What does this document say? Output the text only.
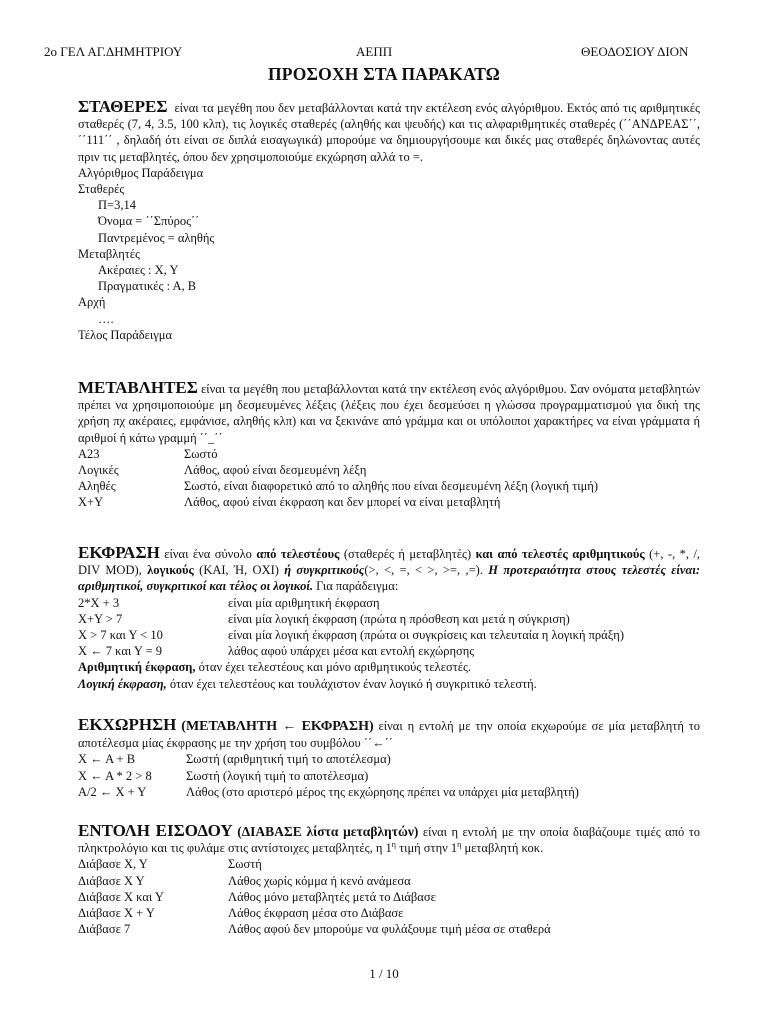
2ο ΓΕΛ ΑΓ.ΔΗΜΗΤΡΙΟΥ	ΑΕΠΠ	ΘΕΟΔΟΣΙΟΥ ΔΙΟΝ
ΠΡΟΣΟΧΗ ΣΤΑ ΠΑΡΑΚΑΤΩ

ΣΤΑΘΕΡΕΣ είναι τα μεγέθη που δεν μεταβάλλονται κατά την εκτέλεση ενός αλγόριθμου. Εκτός από τις αριθμητικές σταθερές (7, 4, 3.5, 100 κλπ), τις λογικές σταθερές (αληθής και ψευδής) και τις αλφαριθμητικές σταθερές (΄΄ΑΝΔΡΕΑΣ΄΄, ΄΄111΄΄ , δηλαδή ότι είναι σε διπλά εισαγωγικά) μπορούμε να δημιουργήσουμε και δικές μας σταθερές δηλώνοντας αυτές πριν τις μεταβλητές, όπου δεν χρησιμοποιούμε εκχώρηση αλλά το =.

Αλγόριθμος Παράδειγμα
Σταθερές
Π=3,14
Όνομα = ΄΄Σπύρος΄΄
Παντρεμένος = αληθής
Μεταβλητές
Ακέραιες : Χ, Υ
Πραγματικές : Α, Β
Αρχή
….
Τέλος Παράδειγμα

ΜΕΤΑΒΛΗΤΕΣ είναι τα μεγέθη που μεταβάλλονται κατά την εκτέλεση ενός αλγόριθμου. Σαν ονόματα μεταβλητών πρέπει να χρησιμοποιούμε μη δεσμευμένες λέξεις (λέξεις που έχει δεσμεύσει η γλώσσα προγραμματισμού για δική της χρήση πχ ακέραιες, εμφάνισε, αληθής κλπ) και να ξεκινάνε από γράμμα και οι υπόλοιποι χαρακτήρες να είναι γράμματα ή αριθμοί ή κάτω γραμμή ΄΄_΄΄

Α23	Σωστό
Λογικές	Λάθος, αφού είναι δεσμευμένη λέξη
Αληθές	Σωστό, είναι διαφορετικό από το αληθής που είναι δεσμευμένη λέξη (λογική τιμή)
Χ+Υ	Λάθος, αφού είναι έκφραση και δεν μπορεί να είναι μεταβλητή

ΕΚΦΡΑΣΗ είναι ένα σύνολο από τελεστέους (σταθερές ή μεταβλητές) και από τελεστές αριθμητικούς (+, -, *, /, DIV MOD), λογικούς (ΚΑΙ, Ή, ΟΧΙ) ή συγκριτικούς(>, <, =, < >, >=, ,=). Η προτεραιότητα στους τελεστές είναι: αριθμητικοί, συγκριτικοί και τέλος οι λογικοί. Για παράδειγμα:

2*Χ + 3	είναι μία αριθμητική έκφραση
Χ+Υ > 7	είναι μία λογική έκφραση (πρώτα η πρόσθεση και μετά η σύγκριση)
Χ > 7 και Υ < 10	είναι μία λογική έκφραση (πρώτα οι συγκρίσεις και τελευταία η λογική πράξη)
Χ ← 7 και Υ = 9	λάθος αφού υπάρχει μέσα και εντολή εκχώρησης

Αριθμητική έκφραση, όταν έχει τελεστέους και μόνο αριθμητικούς τελεστές.

Λογική έκφραση, όταν έχει τελεστέους και τουλάχιστον έναν λογικό ή συγκριτικό τελεστή.

ΕΚΧΩΡΗΣΗ (ΜΕΤΑΒΛΗΤΗ ← ΕΚΦΡΑΣΗ) είναι η εντολή με την οποία εκχωρούμε σε μία μεταβλητή το αποτέλεσμα μίας έκφρασης με την χρήση του συμβόλου ΄΄←΄΄

Χ ← Α + Β	Σωστή (αριθμητική τιμή το αποτέλεσμα)
Χ ← Α * 2 > 8	Σωστή (λογική τιμή το αποτέλεσμα)
Α/2 ← Χ + Υ	Λάθος (στο αριστερό μέρος της εκχώρησης πρέπει να υπάρχει μία μεταβλητή)

ΕΝΤΟΛΗ ΕΙΣΟΔΟΥ (ΔΙΑΒΑΣΕ λίστα μεταβλητών) είναι η εντολή με την οποία διαβάζουμε τιμές από το πληκτρολόγιο και τις φυλάμε στις αντίστοιχες μεταβλητές, η $1^\eta$ τιμή στην $1^\eta$ μεταβλητή κοκ.

Διάβασε Χ, Υ	Σωστή
Διάβασε Χ Υ	Λάθος χωρίς κόμμα ή κενό ανάμεσα
Διάβασε Χ και Υ	Λάθος μόνο μεταβλητές μετά το Διάβασε
Διάβασε Χ + Υ	Λάθος έκφραση μέσα στο Διάβασε
Διάβασε 7	Λάθος αφού δεν μπορούμε να φυλάξουμε τιμή μέσα σε σταθερά
1 / 10
